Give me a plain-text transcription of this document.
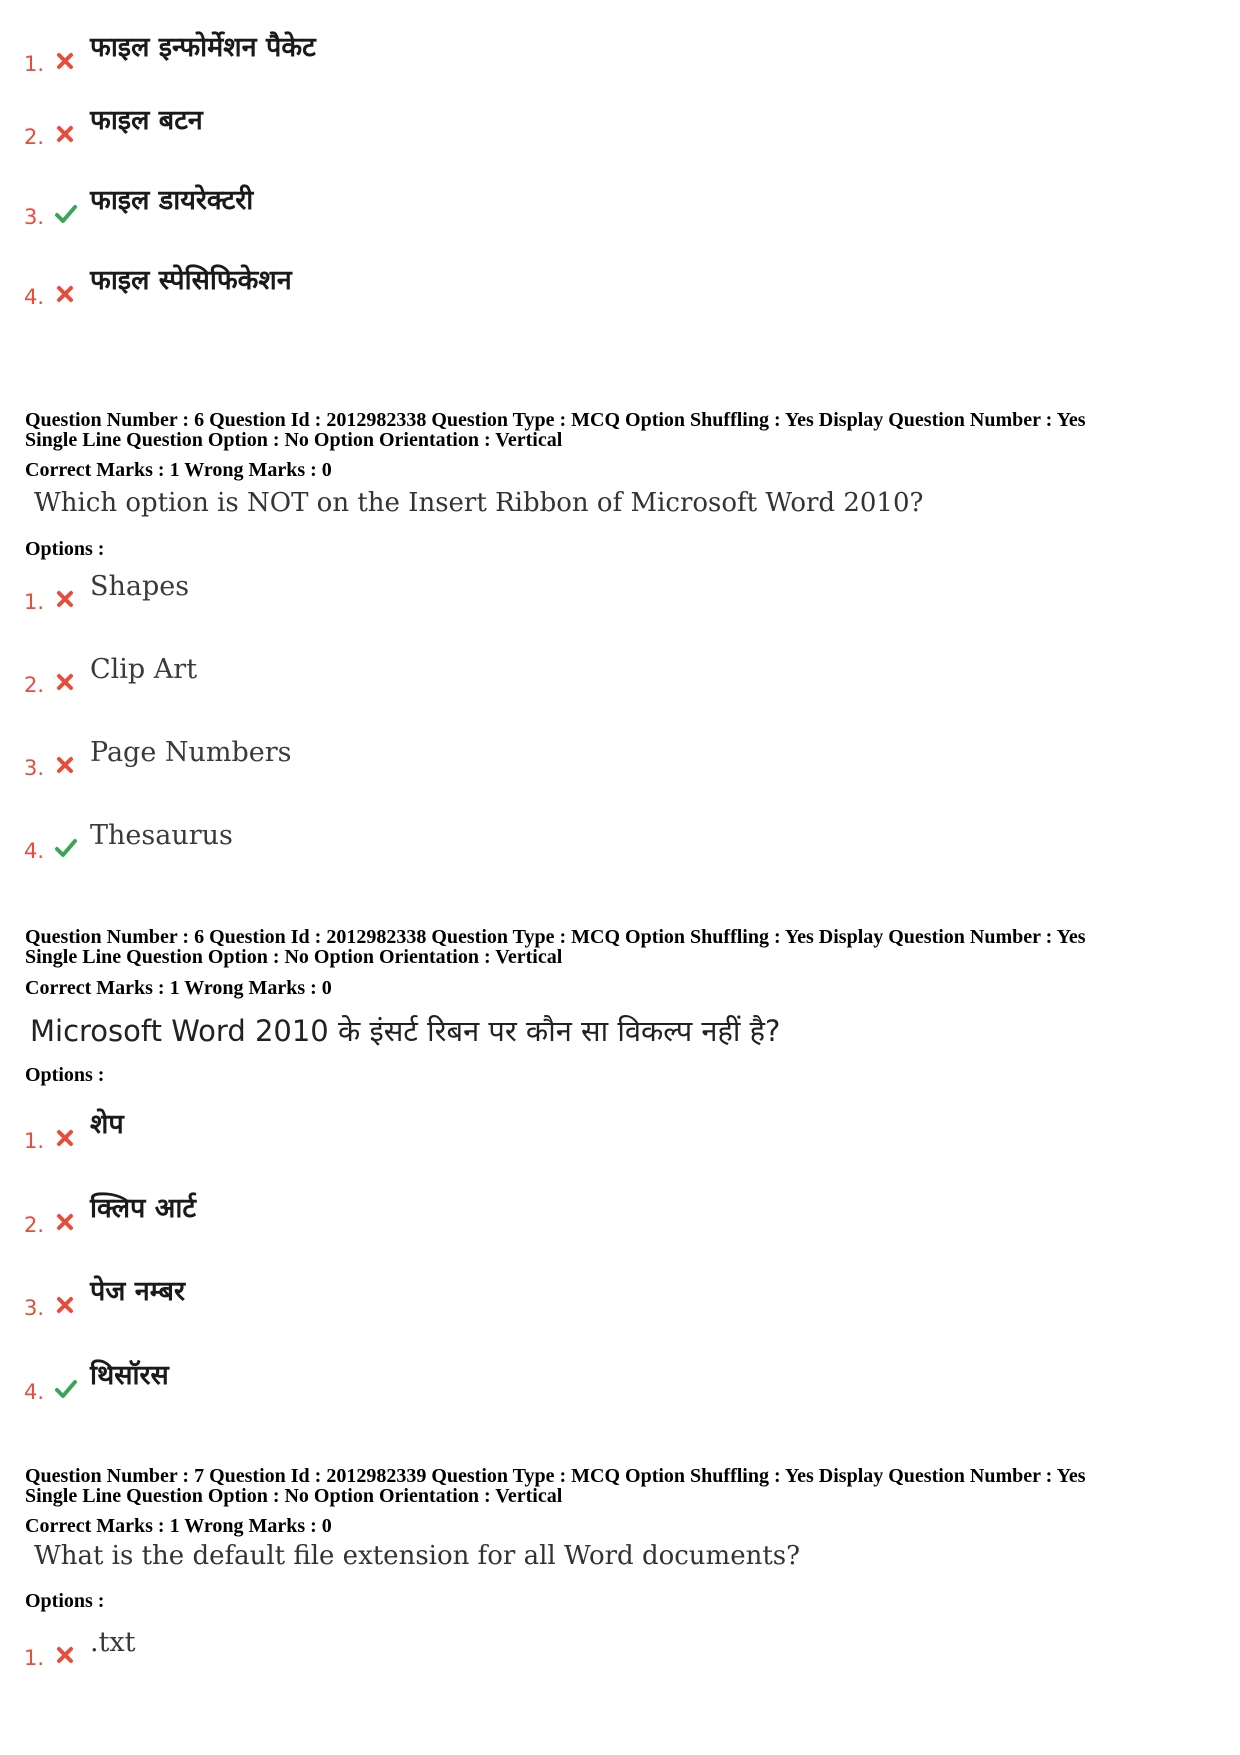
1.
फाइल इन्फोर्मेशन पैकेट
2.
फाइल बटन
3.
फाइल डायरेक्टरी
4.
फाइल स्पेसिफिकेशन
Question Number : 6 Question Id : 2012982338 Question Type : MCQ Option Shuffling : Yes Display Question Number : Yes
Single Line Question Option : No Option Orientation : Vertical
Correct Marks : 1 Wrong Marks : 0
Which option is NOT on the Insert Ribbon of Microsoft Word 2010?
Options :
1. Shapes
2. Clip Art
3. Page Numbers
4. Thesaurus
Question Number : 6 Question Id : 2012982338 Question Type : MCQ Option Shuffling : Yes Display Question Number : Yes
Single Line Question Option : No Option Orientation : Vertical
Correct Marks : 1 Wrong Marks : 0
Microsoft Word 2010 के इंसर्ट रिबन पर कौन सा विकल्प नहीं है?
Options :
1.
शेप
2.
क्लिप आर्ट
3.
पेज नम्बर
4.
थिसॉरस
Question Number : 7 Question Id : 2012982339 Question Type : MCQ Option Shuffling : Yes Display Question Number : Yes
Single Line Question Option : No Option Orientation : Vertical
Correct Marks : 1 Wrong Marks : 0
What is the default file extension for all Word documents?
Options :
1. .txt
